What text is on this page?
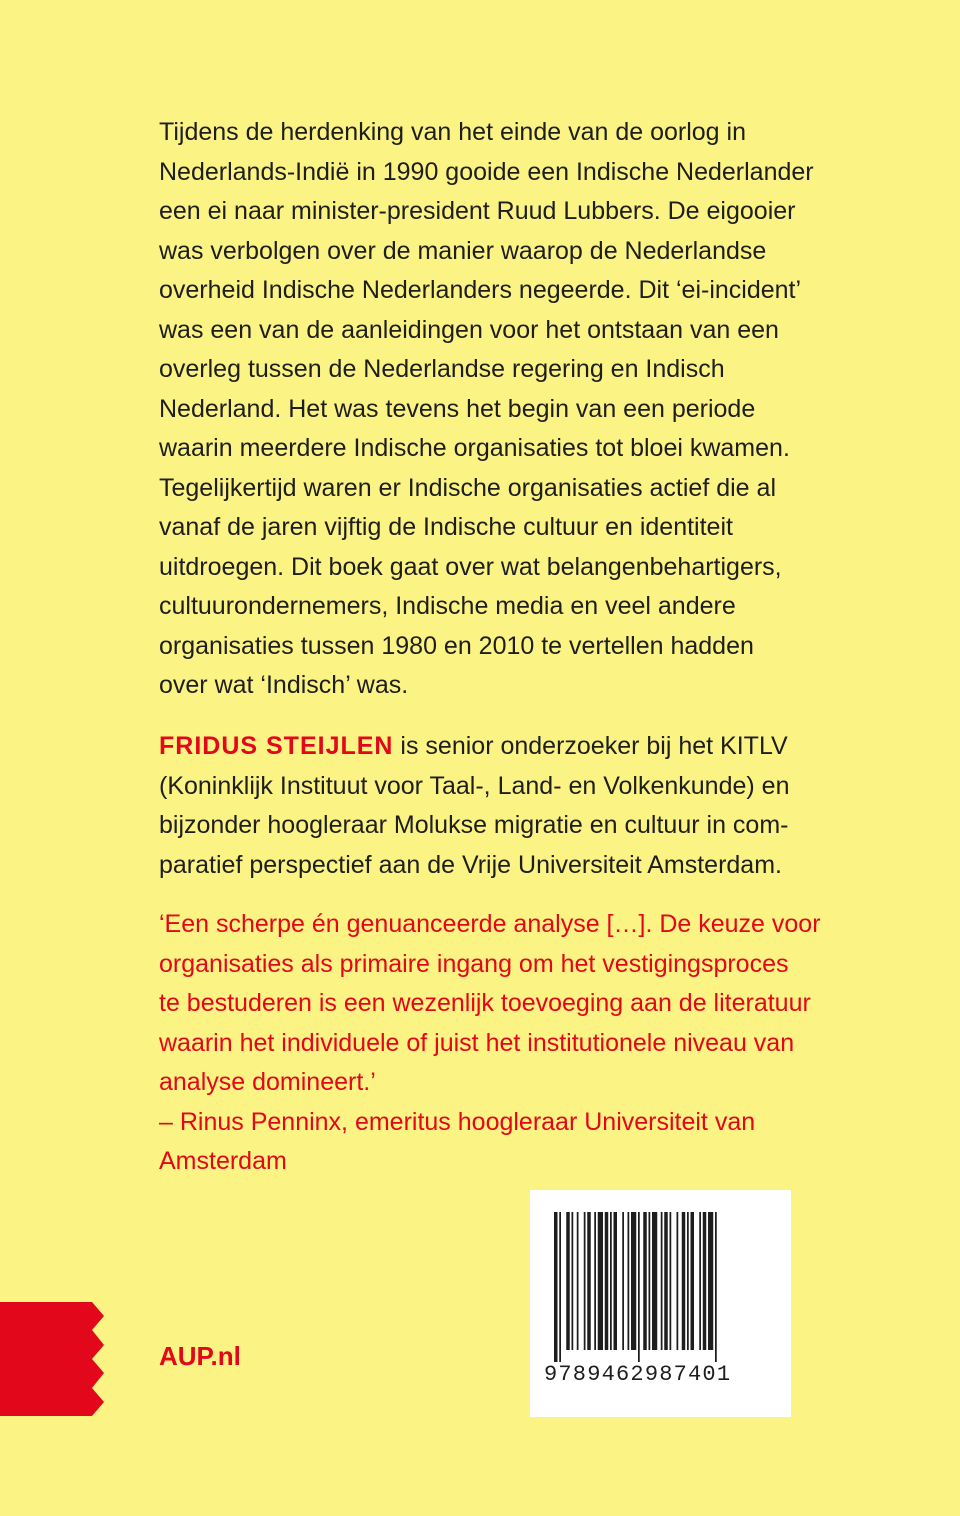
Tijdens de herdenking van het einde van de oorlog in
Nederlands-Indië in 1990 gooide een Indische Nederlander
een ei naar minister-president Ruud Lubbers. De eigooier
was verbolgen over de manier waarop de Nederlandse
overheid Indische Nederlanders negeerde. Dit ‘ei-incident’
was een van de aanleidingen voor het ontstaan van een
overleg tussen de Nederlandse regering en Indisch
Nederland. Het was tevens het begin van een periode
waarin meerdere Indische organisaties tot bloei kwamen.
Tegelijkertijd waren er Indische organisaties actief die al
vanaf de jaren vijftig de Indische cultuur en identiteit
uitdroegen. Dit boek gaat over wat belangenbehartigers,
cultuurondernemers, Indische media en veel andere
organisaties tussen 1980 en 2010 te vertellen hadden
over wat ‘Indisch’ was.
FRIDUS STEIJLEN is senior onderzoeker bij het KITLV
(Koninklijk Instituut voor Taal-, Land- en Volkenkunde) en
bijzonder hoogleraar Molukse migratie en cultuur in com-
paratief perspectief aan de Vrije Universiteit Amsterdam.
‘Een scherpe én genuanceerde analyse […]. De keuze voor
organisaties als primaire ingang om het vestigingsproces
te bestuderen is een wezenlijk toevoeging aan de literatuur
waarin het individuele of juist het institutionele niveau van
analyse domineert.’
– Rinus Penninx, emeritus hoogleraar Universiteit van
Amsterdam
AUP.nl
9789462987401
